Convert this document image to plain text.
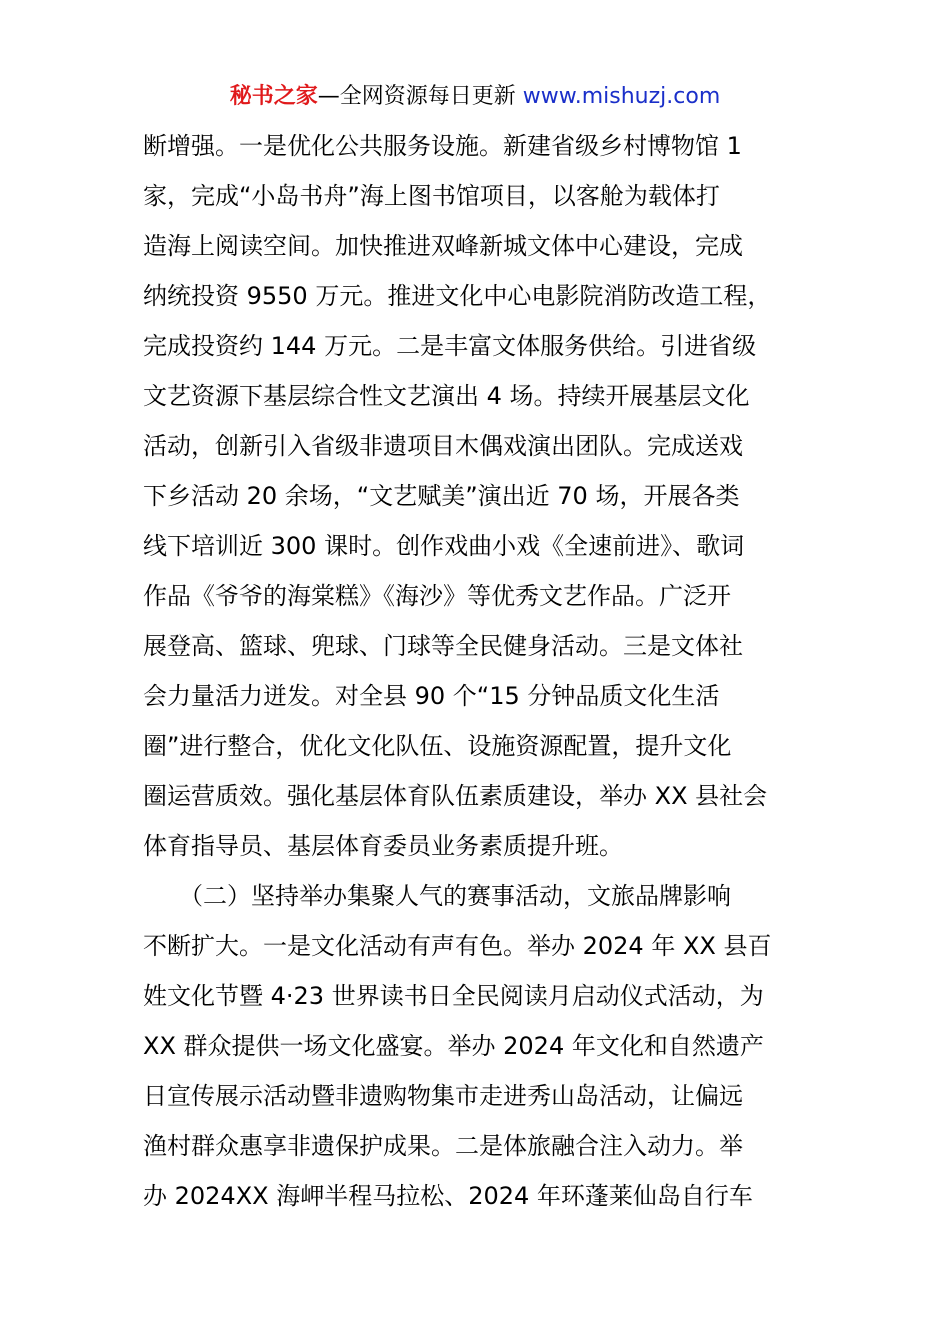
秘书之家—全网资源每日更新 www.mishuzj.com
断增强。一是优化公共服务设施。新建省级乡村博物馆 1
家，完成“小岛书舟”海上图书馆项目，以客舱为载体打
造海上阅读空间。加快推进双峰新城文体中心建设，完成
纳统投资 9550 万元。推进文化中心电影院消防改造工程，
完成投资约 144 万元。二是丰富文体服务供给。引进省级
文艺资源下基层综合性文艺演出 4 场。持续开展基层文化
活动，创新引入省级非遗项目木偶戏演出团队。完成送戏
下乡活动 20 余场，“文艺赋美”演出近 70 场，开展各类
线下培训近 300 课时。创作戏曲小戏《全速前进》、歌词
作品《爷爷的海棠糕》《海沙》等优秀文艺作品。广泛开
展登高、篮球、兜球、门球等全民健身活动。三是文体社
会力量活力迸发。对全县 90 个“15 分钟品质文化生活
圈”进行整合，优化文化队伍、设施资源配置，提升文化
圈运营质效。强化基层体育队伍素质建设，举办 XX 县社会
体育指导员、基层体育委员业务素质提升班。
　　（二）坚持举办集聚人气的赛事活动，文旅品牌影响
不断扩大。一是文化活动有声有色。举办 2024 年 XX 县百
姓文化节暨 4·23 世界读书日全民阅读月启动仪式活动，为
XX 群众提供一场文化盛宴。举办 2024 年文化和自然遗产
日宣传展示活动暨非遗购物集市走进秀山岛活动，让偏远
渔村群众惠享非遗保护成果。二是体旅融合注入动力。举
办 2024XX 海岬半程马拉松、2024 年环蓬莱仙岛自行车
